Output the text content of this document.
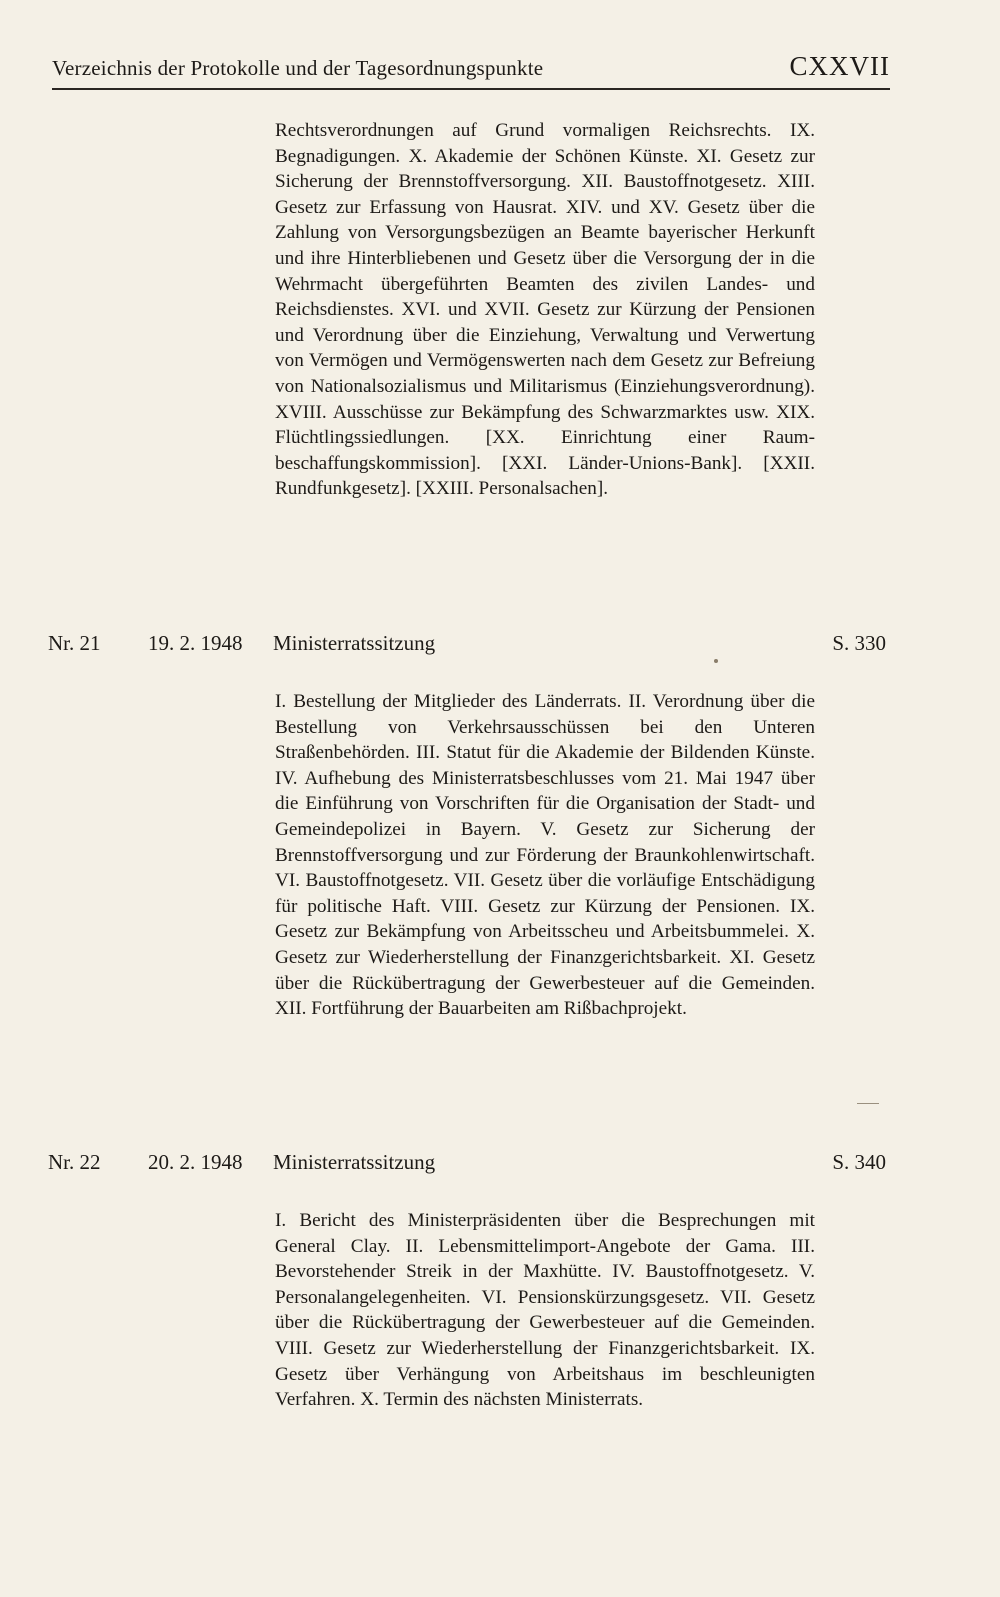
Verzeichnis der Protokolle und der Tagesordnungspunkte	CXXVII
Rechtsverordnungen auf Grund vormaligen Reichsrechts. IX. Begnadigungen. X. Akademie der Schönen Künste. XI. Gesetz zur Sicherung der Brennstoffversorgung. XII. Baustoffnotgesetz. XIII. Gesetz zur Erfassung von Hausrat. XIV. und XV. Gesetz über die Zahlung von Versorgungsbezügen an Beamte bayerischer Herkunft und ihre Hinterbliebenen und Gesetz über die Versorgung der in die Wehrmacht übergeführten Beamten des zivilen Landes- und Reichsdienstes. XVI. und XVII. Gesetz zur Kürzung der Pensionen und Verordnung über die Einziehung, Verwaltung und Verwertung von Vermögen und Vermögenswerten nach dem Gesetz zur Befreiung von Nationalsozialismus und Militarismus (Einziehungsverordnung). XVIII. Ausschüsse zur Bekämpfung des Schwarzmarktes usw. XIX. Flüchtlingssiedlungen. [XX. Einrichtung einer Raumbeschaffungskommission]. [XXI. Länder-Unions-Bank]. [XXII. Rundfunkgesetz]. [XXIII. Personalsachen].
Nr. 21 19. 2. 1948 Ministerratssitzung	S. 330
I. Bestellung der Mitglieder des Länderrats. II. Verordnung über die Bestellung von Verkehrsausschüssen bei den Unteren Straßenbehörden. III. Statut für die Akademie der Bildenden Künste. IV. Aufhebung des Ministerratsbeschlusses vom 21. Mai 1947 über die Einführung von Vorschriften für die Organisation der Stadt- und Gemeindepolizei in Bayern. V. Gesetz zur Sicherung der Brennstoffversorgung und zur Förderung der Braunkohlenwirtschaft. VI. Baustoffnotgesetz. VII. Gesetz über die vorläufige Entschädigung für politische Haft. VIII. Gesetz zur Kürzung der Pensionen. IX. Gesetz zur Bekämpfung von Arbeitsscheu und Arbeitsbummelei. X. Gesetz zur Wiederherstellung der Finanzgerichtsbarkeit. XI. Gesetz über die Rückübertragung der Gewerbesteuer auf die Gemeinden. XII. Fortführung der Bauarbeiten am Rißbachprojekt.
Nr. 22 20. 2. 1948 Ministerratssitzung	S. 340
I. Bericht des Ministerpräsidenten über die Besprechungen mit General Clay. II. Lebensmittelimport-Angebote der Gama. III. Bevorstehender Streik in der Maxhütte. IV. Baustoffnotgesetz. V. Personalangelegenheiten. VI. Pensionskürzungsgesetz. VII. Gesetz über die Rückübertragung der Gewerbesteuer auf die Gemeinden. VIII. Gesetz zur Wiederherstellung der Finanzgerichtsbarkeit. IX. Gesetz über Verhängung von Arbeitshaus im beschleunigten Verfahren. X. Termin des nächsten Ministerrats.
